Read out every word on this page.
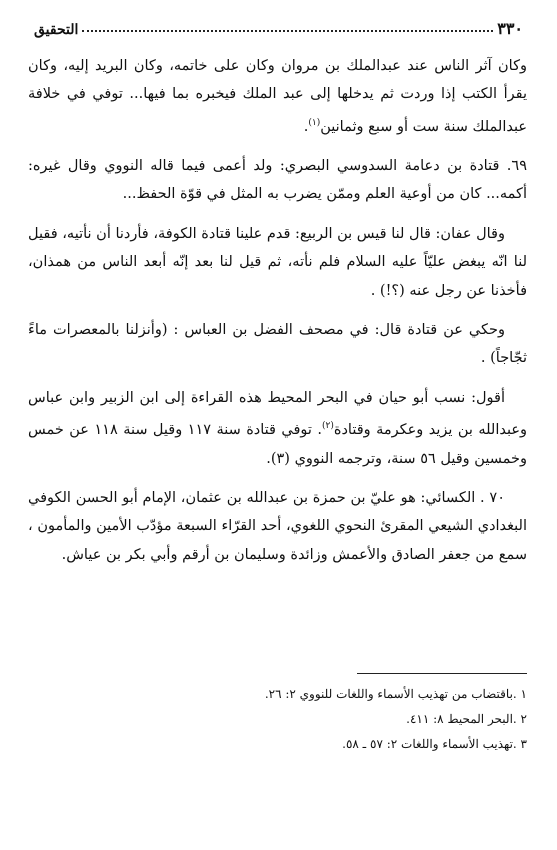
٣٣٠
التحقيق

وكان آثر الناس عند عبدالملك بن مروان وكان على خاتمه، وكان البريد إليه، وكان يقرأ الكتب إذا وردت ثم يدخلها إلى عبد الملك فيخبره بما فيها... توفي في خلافة عبدالملك سنة ست أو سبع وثمانين$^{(١)}$.

٦٩. قتادة بن دعامة السدوسي البصري: ولد أعمى فيما قاله النووي وقال غيره: أكمه... كان من أوعية العلم وممّن يضرب به المثل في قوّة الحفظ...

وقال عفان: قال لنا قيس بن الربيع: قدم علينا قتادة الكوفة، فأردنا أن نأتيه، فقيل لنا انّه يبغض عليّاً عليه السلام فلم نأته، ثم قيل لنا بعد إنّه أبعد الناس من همذان، فأخذنا عن رجل عنه (؟!) .

وحكي عن قتادة قال: في مصحف الفضل بن العباس : (وأنزلنا بالمعصرات ماءً ثجّاجاً) .

أقول: نسب أبو حيان في البحر المحيط هذه القراءة إلى ابن الزبير وابن عباس وعبدالله بن يزيد وعكرمة وقتادة$^{(٢)}$. توفي قتادة سنة ١١٧ وقيل سنة ١١٨ عن خمس وخمسين وقيل ٥٦ سنة، وترجمه النووي (٣).

٧٠ . الكسائي: هو عليّ بن حمزة بن عبدالله بن عثمان، الإمام أبو الحسن الكوفي البغدادي الشيعي المقرئ النحوي اللغوي، أحد القرّاء السبعة مؤدّب الأمين والمأمون ، سمع من جعفر الصادق والأعمش وزائدة وسليمان بن أرقم وأبي بكر بن عياش.

١ .باقتضاب من تهذيب الأسماء واللغات للنووي ٢: ٢٦.
٢ .البحر المحيط ٨: ٤١١.
٣ .تهذيب الأسماء واللغات ٢: ٥٧ ـ ٥٨.
